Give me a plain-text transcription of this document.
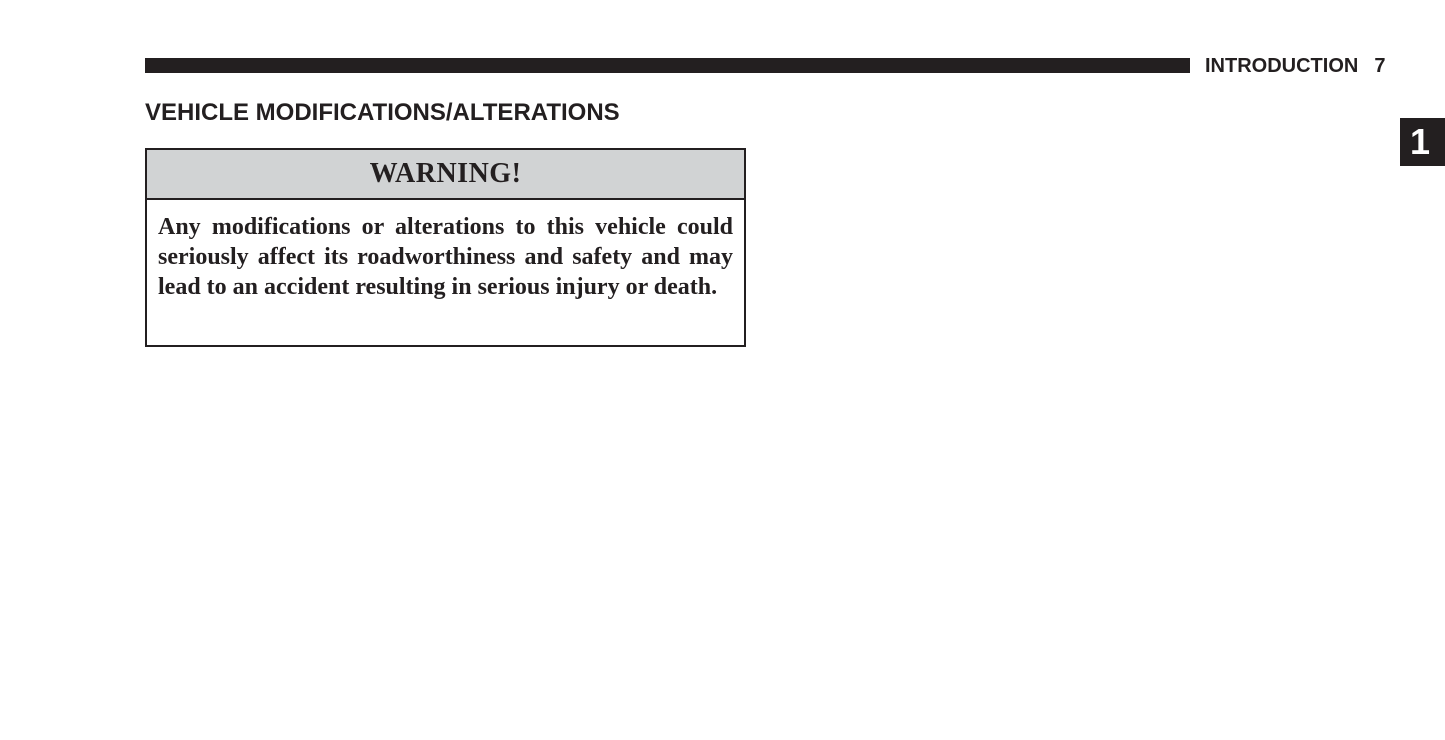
INTRODUCTION 7
1
VEHICLE MODIFICATIONS/ALTERATIONS
WARNING!
Any modifications or alterations to this vehicle could seriously affect its roadworthiness and safety and may lead to an accident resulting in serious injury or death.
